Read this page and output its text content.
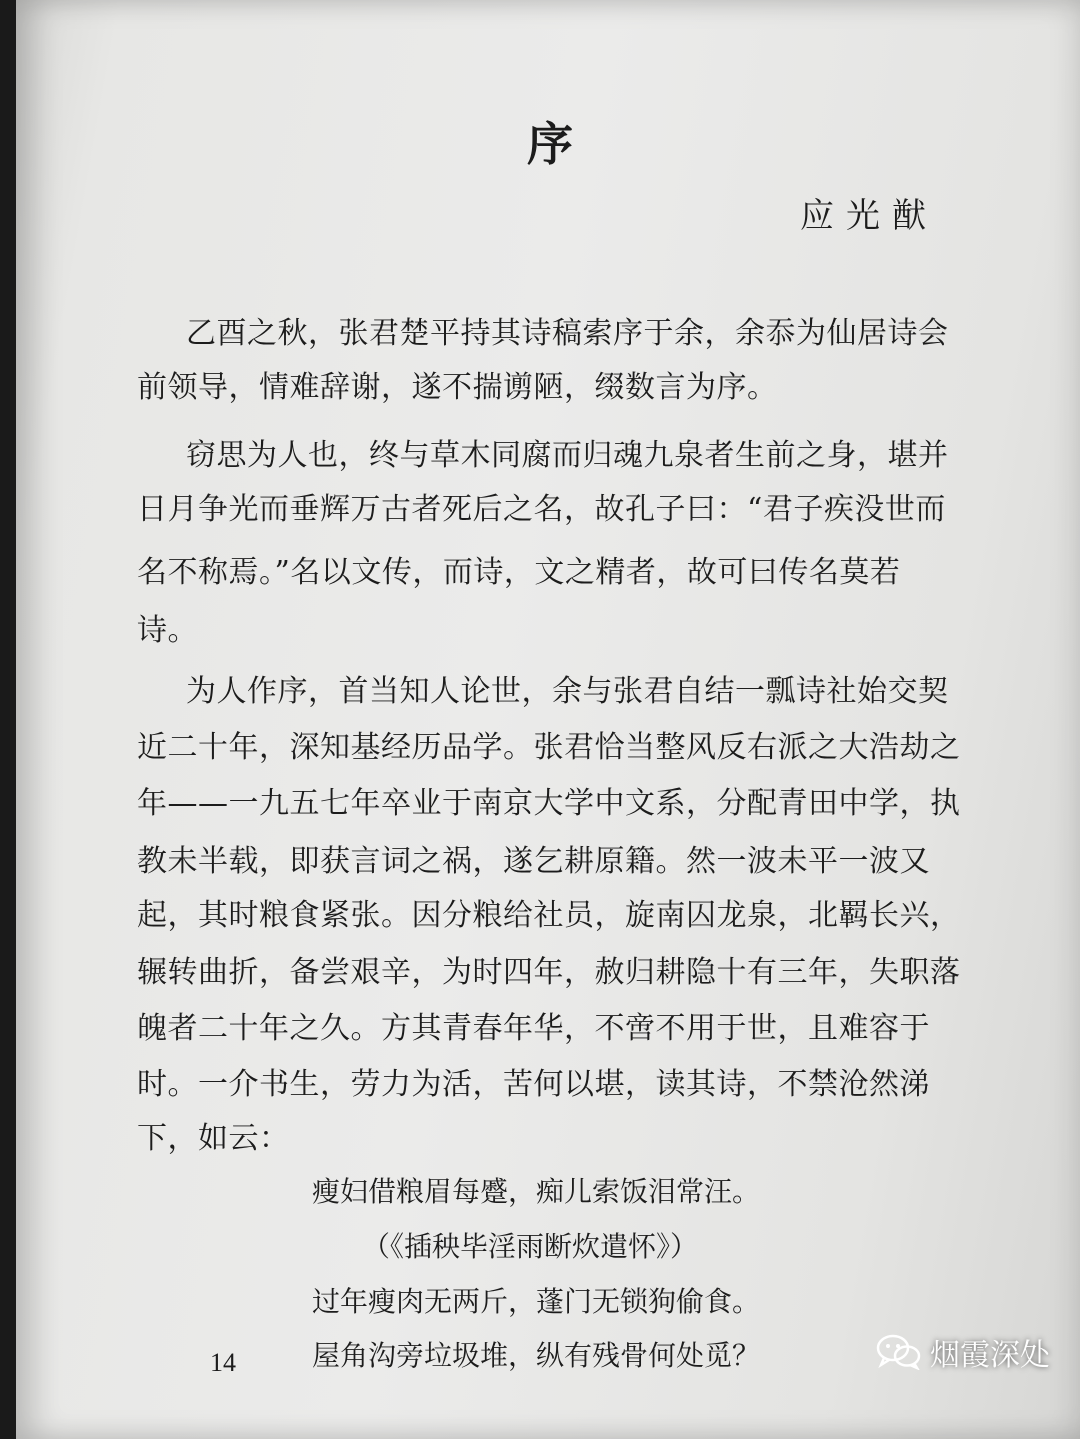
序
应光猷
乙酉之秋，张君楚平持其诗稿索序于余，余忝为仙居诗会
前领导，情难辞谢，遂不揣谫陋，缀数言为序。
窃思为人也，终与草木同腐而归魂九泉者生前之身，堪并
日月争光而垂辉万古者死后之名，故孔子曰：“君子疾没世而
名不称焉。”名以文传，而诗，文之精者，故可曰传名莫若
诗。
为人作序，首当知人论世，余与张君自结一瓢诗社始交契
近二十年，深知基经历品学。张君恰当整风反右派之大浩劫之
年——一九五七年卒业于南京大学中文系，分配青田中学，执
教未半载，即获言词之祸，遂乞耕原籍。然一波未平一波又
起，其时粮食紧张。因分粮给社员，旋南囚龙泉，北羁长兴，
辗转曲折，备尝艰辛，为时四年，赦归耕隐十有三年，失职落
魄者二十年之久。方其青春年华，不啻不用于世，且难容于
时。一介书生，劳力为活，苦何以堪，读其诗，不禁沧然涕
下，如云：
瘦妇借粮眉每蹙，痴儿索饭泪常汪。
（《插秧毕淫雨断炊遣怀》）
过年瘦肉无两斤，蓬门无锁狗偷食。
屋角沟旁垃圾堆，纵有残骨何处觅？
14	烟霞深处
